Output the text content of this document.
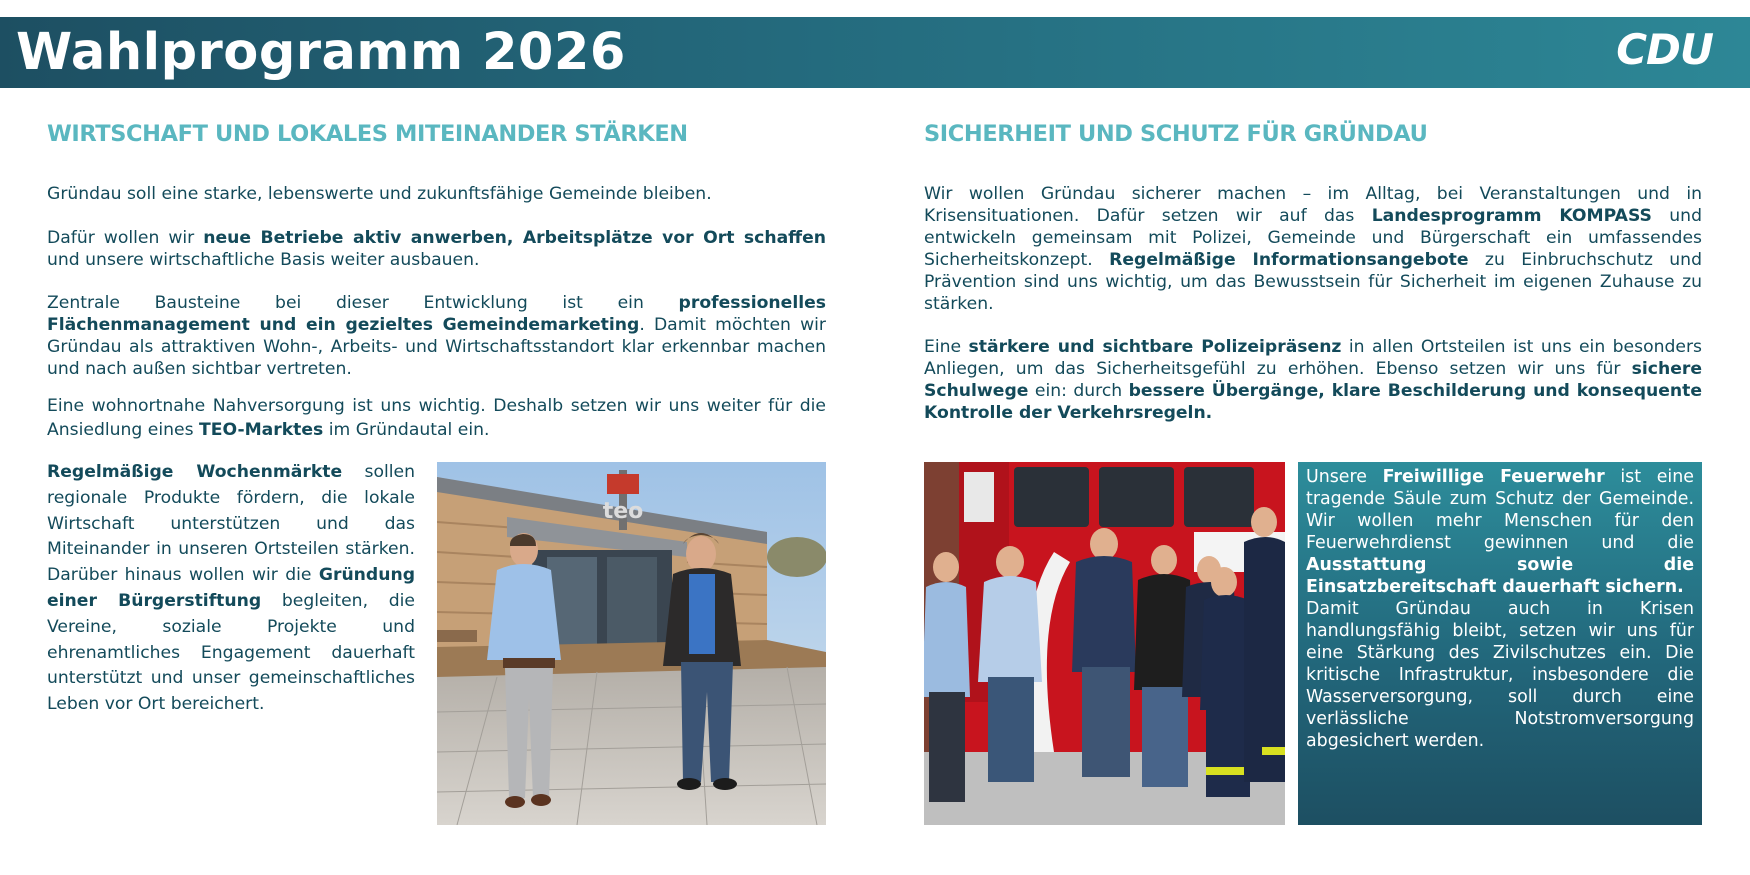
Wahlprogramm 2026	CDU
WIRTSCHAFT UND LOKALES MITEINANDER STÄRKEN

Gründau soll eine starke, lebenswerte und zukunftsfähige Gemeinde bleiben.

Dafür wollen wir neue Betriebe aktiv anwerben, Arbeitsplätze vor Ort schaffen und unsere wirtschaftliche Basis weiter ausbauen.

Zentrale Bausteine bei dieser Entwicklung ist ein professionelles Flächenmanagement und ein gezieltes Gemeindemarketing. Damit möchten wir Gründau als attraktiven Wohn-, Arbeits- und Wirtschaftsstandort klar erkennbar machen und nach außen sichtbar vertreten.

Eine wohnortnahe Nahversorgung ist uns wichtig. Deshalb setzen wir uns weiter für die Ansiedlung eines TEO-Marktes im Gründautal ein.

Regelmäßige Wochenmärkte sollen regionale Produkte fördern, die lokale Wirtschaft unterstützen und das Miteinander in unseren Ortsteilen stärken. Darüber hinaus wollen wir die Gründung einer Bürgerstiftung begleiten, die Vereine, soziale Projekte und ehrenamtliches Engagement dauerhaft unterstützt und unser gemeinschaftliches Leben vor Ort bereichert.

teo
SICHERHEIT UND SCHUTZ FÜR GRÜNDAU

Wir wollen Gründau sicherer machen – im Alltag, bei Veranstaltungen und in Krisensituationen. Dafür setzen wir auf das Landesprogramm KOMPASS und entwickeln gemeinsam mit Polizei, Gemeinde und Bürgerschaft ein umfassendes Sicherheitskonzept. Regelmäßige Informationsangebote zu Einbruchschutz und Prävention sind uns wichtig, um das Bewusstsein für Sicherheit im eigenen Zuhause zu stärken.

Eine stärkere und sichtbare Polizeipräsenz in allen Ortsteilen ist uns ein besonders Anliegen, um das Sicherheitsgefühl zu erhöhen. Ebenso setzen wir uns für sichere Schulwege ein: durch bessere Übergänge, klare Beschilderung und konsequente Kontrolle der Verkehrsregeln.

Unsere Freiwillige Feuerwehr ist eine tragende Säule zum Schutz der Gemeinde. Wir wollen mehr Menschen für den Feuerwehrdienst gewinnen und die Ausstattung sowie die Einsatzbereitschaft dauerhaft sichern.

Damit Gründau auch in Krisen handlungsfähig bleibt, setzen wir uns für eine Stärkung des Zivilschutzes ein. Die kritische Infrastruktur, insbesondere die Wasserversorgung, soll durch eine verlässliche Notstromversorgung abgesichert werden.
